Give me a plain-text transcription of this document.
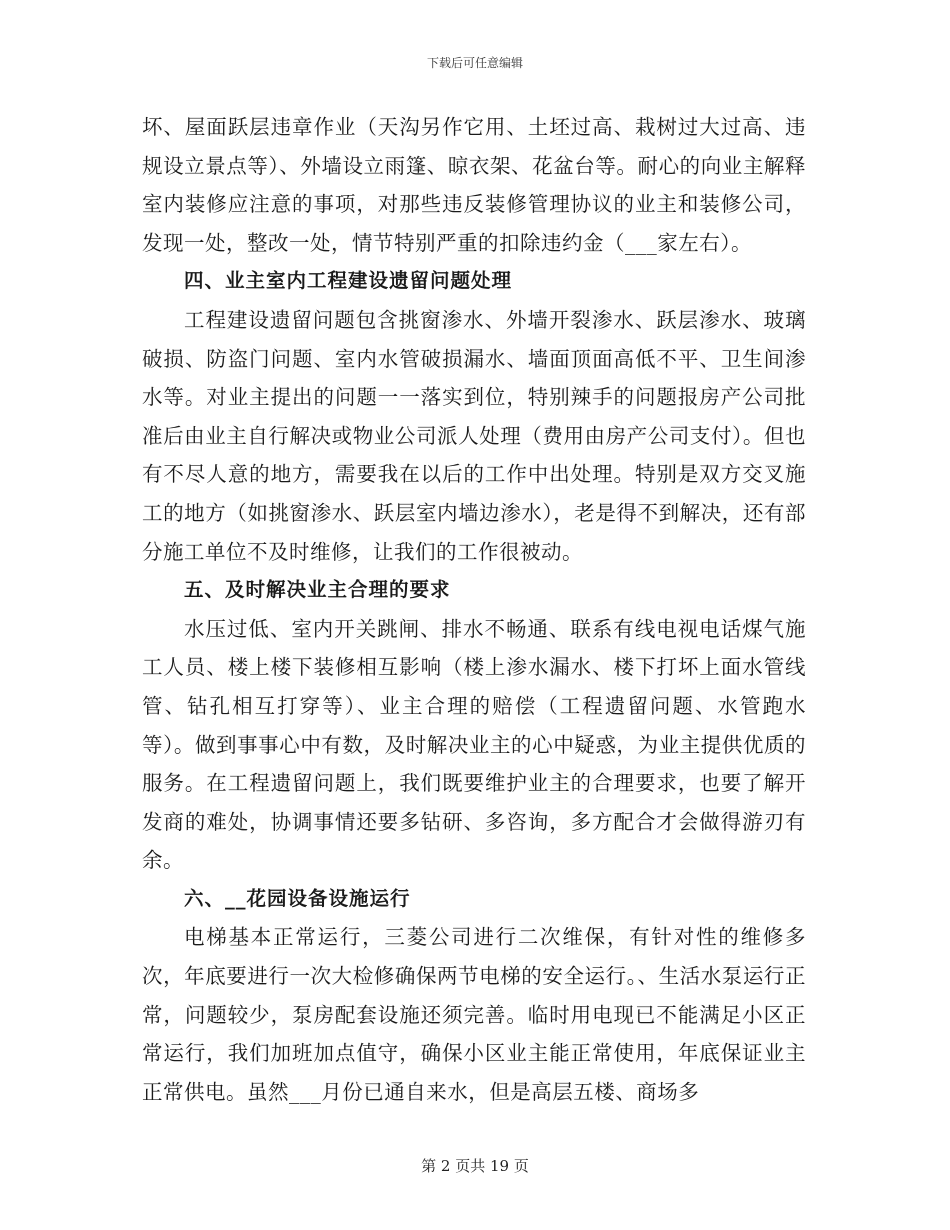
下载后可任意编辑

坏、屋面跃层违章作业（天沟另作它用、土坯过高、栽树过大过高、违规设立景点等）、外墙设立雨篷、晾衣架、花盆台等。耐心的向业主解释室内装修应注意的事项，对那些违反装修管理协议的业主和装修公司，发现一处，整改一处，情节特别严重的扣除违约金（___家左右）。

四、业主室内工程建设遗留问题处理

工程建设遗留问题包含挑窗渗水、外墙开裂渗水、跃层渗水、玻璃破损、防盗门问题、室内水管破损漏水、墙面顶面高低不平、卫生间渗水等。对业主提出的问题一一落实到位，特别辣手的问题报房产公司批准后由业主自行解决或物业公司派人处理（费用由房产公司支付）。但也有不尽人意的地方，需要我在以后的工作中出处理。特别是双方交叉施工的地方（如挑窗渗水、跃层室内墙边渗水），老是得不到解决，还有部分施工单位不及时维修，让我们的工作很被动。

五、及时解决业主合理的要求

水压过低、室内开关跳闸、排水不畅通、联系有线电视电话煤气施工人员、楼上楼下装修相互影响（楼上渗水漏水、楼下打坏上面水管线管、钻孔相互打穿等）、业主合理的赔偿（工程遗留问题、水管跑水等）。做到事事心中有数，及时解决业主的心中疑惑，为业主提供优质的服务。在工程遗留问题上，我们既要维护业主的合理要求，也要了解开发商的难处，协调事情还要多钻研、多咨询，多方配合才会做得游刃有余。

六、__花园设备设施运行

电梯基本正常运行，三菱公司进行二次维保，有针对性的维修多次，年底要进行一次大检修确保两节电梯的安全运行。、生活水泵运行正常，问题较少，泵房配套设施还须完善。临时用电现已不能满足小区正常运行，我们加班加点值守，确保小区业主能正常使用，年底保证业主正常供电。虽然___月份已通自来水，但是高层五楼、商场多

第 2 页共 19 页
